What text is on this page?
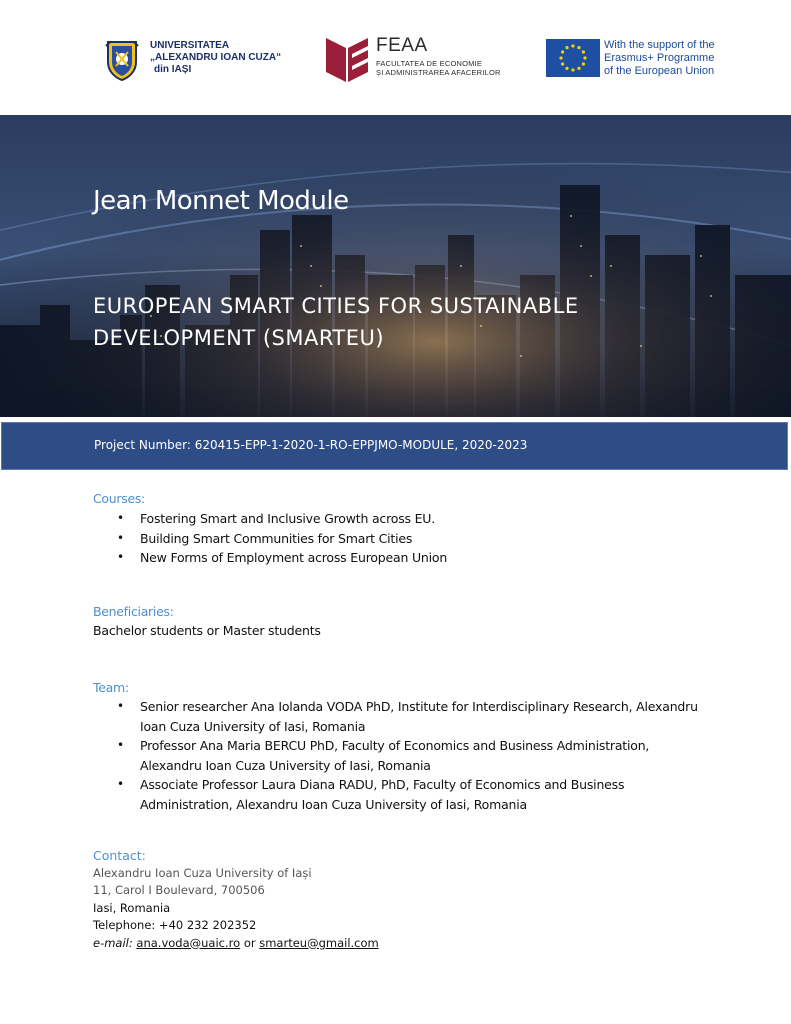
UNIVERSITATEA
„ALEXANDRU IOAN CUZA“
din IAȘI
FEAA
FACULTATEA DE ECONOMIE
ȘI ADMINISTRAREA AFACERILOR
With the support of the
Erasmus+ Programme
of the European Union
Jean Monnet Module
EUROPEAN SMART CITIES FOR SUSTAINABLE DEVELOPMENT (SMARTEU)
Project Number: 620415-EPP-1-2020-1-RO-EPPJMO-MODULE, 2020-2023
Courses:
• Fostering Smart and Inclusive Growth across EU.
• Building Smart Communities for Smart Cities
• New Forms of Employment across European Union
Beneficiaries:
Bachelor students or Master students
Team:
• Senior researcher Ana Iolanda VODA PhD, Institute for Interdisciplinary Research, Alexandru Ioan Cuza University of Iasi, Romania
• Professor Ana Maria BERCU PhD, Faculty of Economics and Business Administration, Alexandru Ioan Cuza University of Iasi, Romania
• Associate Professor Laura Diana RADU, PhD, Faculty of Economics and Business Administration, Alexandru Ioan Cuza University of Iasi, Romania
Contact:
Alexandru Ioan Cuza University of Iași
11, Carol I Boulevard, 700506
Iasi, Romania
Telephone: +40 232 202352
e-mail: ana.voda@uaic.ro or smarteu@gmail.com
